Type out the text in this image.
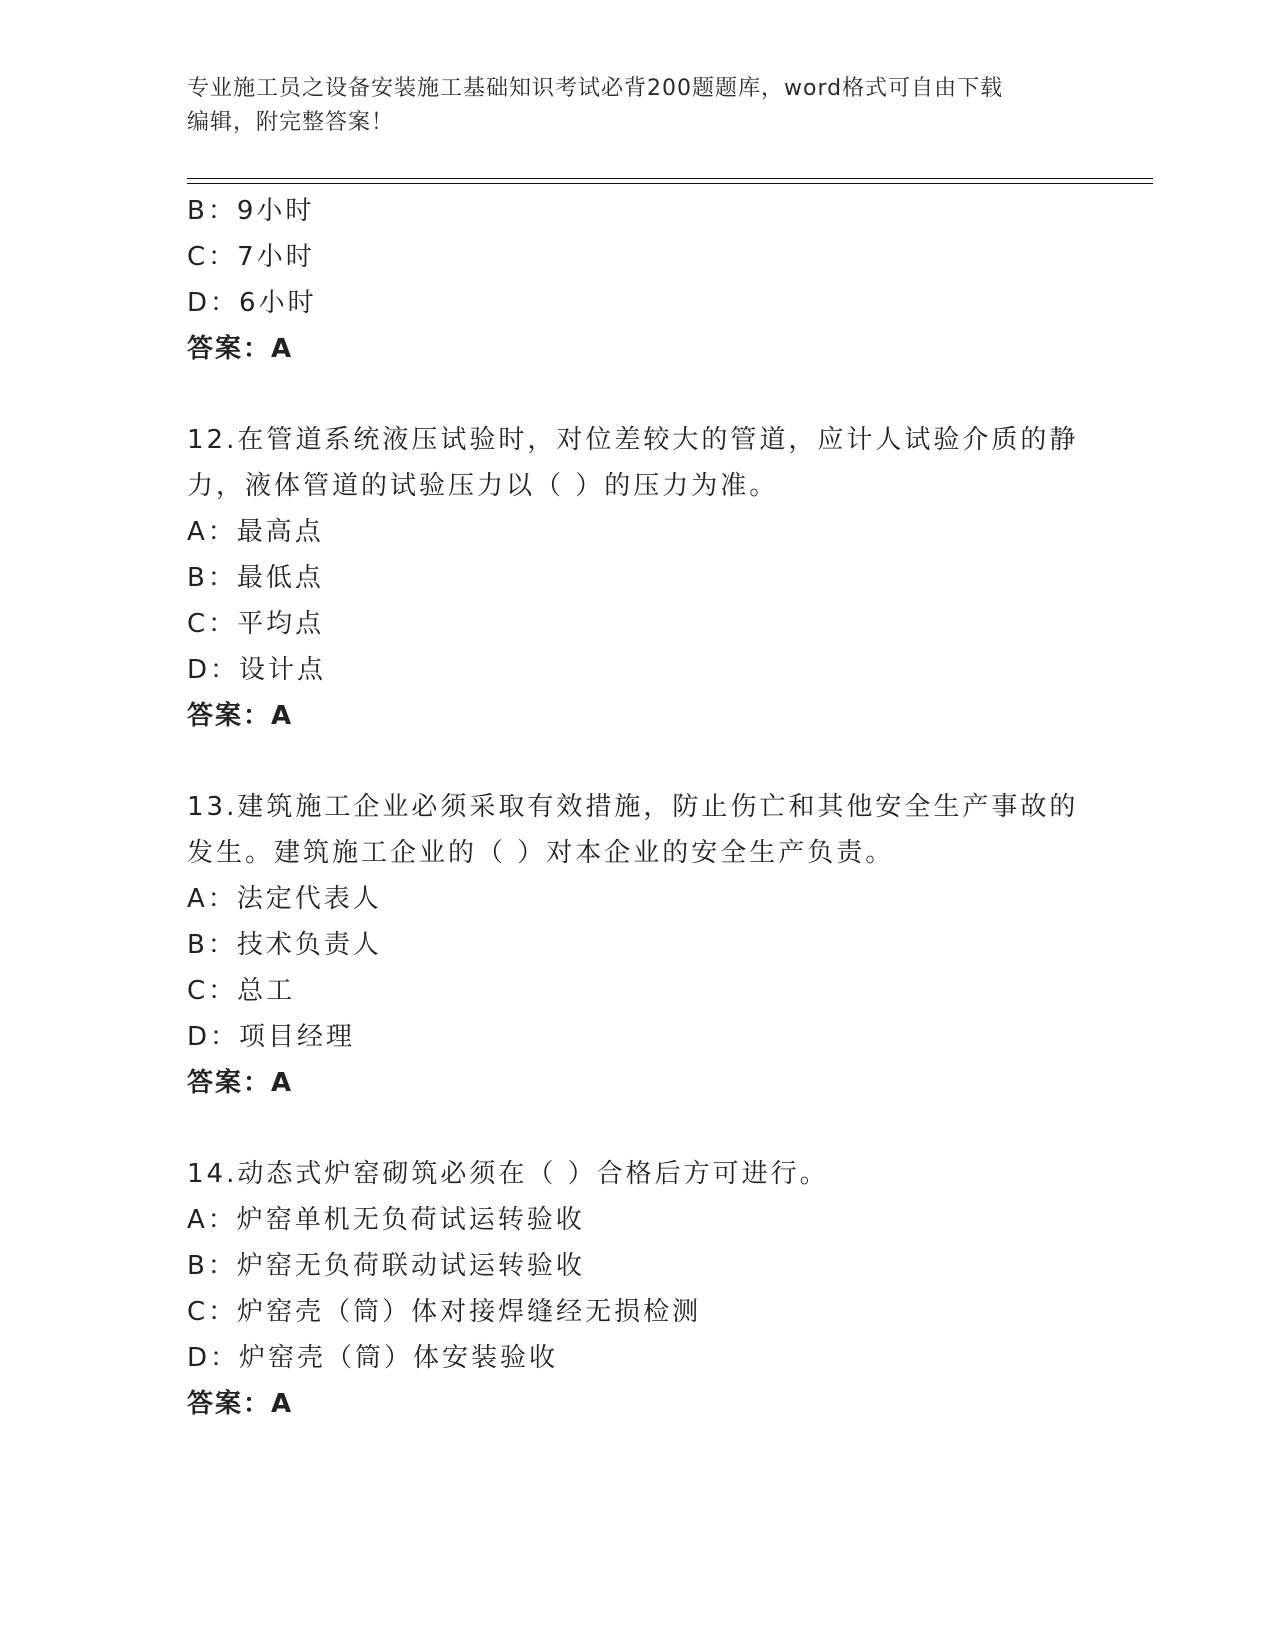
专业施工员之设备安装施工基础知识考试必背200题题库，word格式可自由下载
编辑，附完整答案！
B：9小时
C：7小时
D：6小时
答案：A
12.在管道系统液压试验时，对位差较大的管道，应计人试验介质的静
力，液体管道的试验压力以（ ）的压力为准。
A：最高点
B：最低点
C：平均点
D：设计点
答案：A
13.建筑施工企业必须采取有效措施，防止伤亡和其他安全生产事故的
发生。建筑施工企业的（ ）对本企业的安全生产负责。
A：法定代表人
B：技术负责人
C：总工
D：项目经理
答案：A
14.动态式炉窑砌筑必须在（ ）合格后方可进行。
A：炉窑单机无负荷试运转验收
B：炉窑无负荷联动试运转验收
C：炉窑壳（筒）体对接焊缝经无损检测
D：炉窑壳（筒）体安装验收
答案：A
